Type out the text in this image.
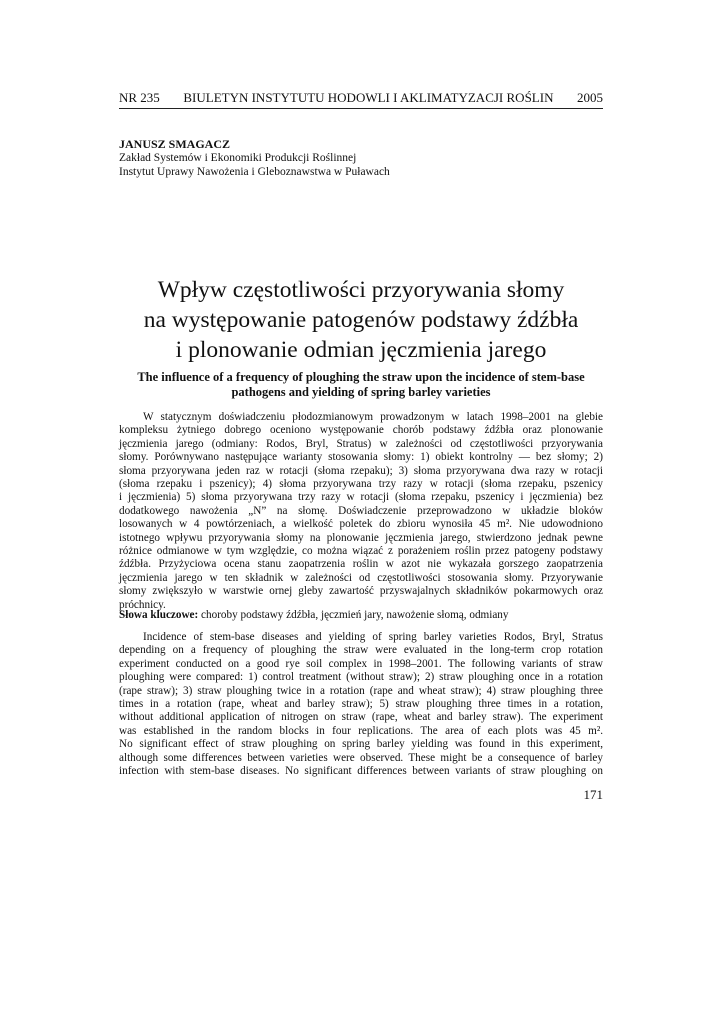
NR 235 BIULETYN INSTYTUTU HODOWLI I AKLIMATYZACJI ROŚLIN 2005
JANUSZ SMAGACZ
Zakład Systemów i Ekonomiki Produkcji Roślinnej
Instytut Uprawy Nawożenia i Gleboznawstwa w Puławach
Wpływ częstotliwości przyorywania słomy
na występowanie patogenów podstawy źdźbła
i plonowanie odmian jęczmienia jarego
The influence of a frequency of ploughing the straw upon the incidence of stem-base
pathogens and yielding of spring barley varieties
W statycznym doświadczeniu płodozmianowym prowadzonym w latach 1998–2001 na glebie
kompleksu żytniego dobrego oceniono występowanie chorób podstawy źdźbła oraz plonowanie
jęczmienia jarego (odmiany: Rodos, Bryl, Stratus) w zależności od częstotliwości przyorywania
słomy. Porównywano następujące warianty stosowania słomy: 1) obiekt kontrolny — bez słomy; 2)
słoma przyorywana jeden raz w rotacji (słoma rzepaku); 3) słoma przyorywana dwa razy w rotacji
(słoma rzepaku i pszenicy); 4) słoma przyorywana trzy razy w rotacji (słoma rzepaku, pszenicy
i jęczmienia) 5) słoma przyorywana trzy razy w rotacji (słoma rzepaku, pszenicy i jęczmienia) bez
dodatkowego nawożenia „N” na słomę. Doświadczenie przeprowadzono w układzie bloków
losowanych w 4 powtórzeniach, a wielkość poletek do zbioru wynosiła 45 m². Nie udowodniono
istotnego wpływu przyorywania słomy na plonowanie jęczmienia jarego, stwierdzono jednak pewne
różnice odmianowe w tym względzie, co można wiązać z porażeniem roślin przez patogeny podstawy
źdźbła. Przyżyciowa ocena stanu zaopatrzenia roślin w azot nie wykazała gorszego zaopatrzenia
jęczmienia jarego w ten składnik w zależności od częstotliwości stosowania słomy. Przyorywanie
słomy zwiększyło w warstwie ornej gleby zawartość przyswajalnych składników pokarmowych oraz
próchnicy.
Słowa kluczowe: choroby podstawy źdźbła, jęczmień jary, nawożenie słomą, odmiany
Incidence of stem-base diseases and yielding of spring barley varieties Rodos, Bryl, Stratus
depending on a frequency of ploughing the straw were evaluated in the long-term crop rotation
experiment conducted on a good rye soil complex in 1998–2001. The following variants of straw
ploughing were compared: 1) control treatment (without straw); 2) straw ploughing once in a rotation
(rape straw); 3) straw ploughing twice in a rotation (rape and wheat straw); 4) straw ploughing three
times in a rotation (rape, wheat and barley straw); 5) straw ploughing three times in a rotation,
without additional application of nitrogen on straw (rape, wheat and barley straw). The experiment
was established in the random blocks in four replications. The area of each plots was 45 m².
No significant effect of straw ploughing on spring barley yielding was found in this experiment,
although some differences between varieties were observed. These might be a consequence of barley
infection with stem-base diseases. No significant differences between variants of straw ploughing on
171
